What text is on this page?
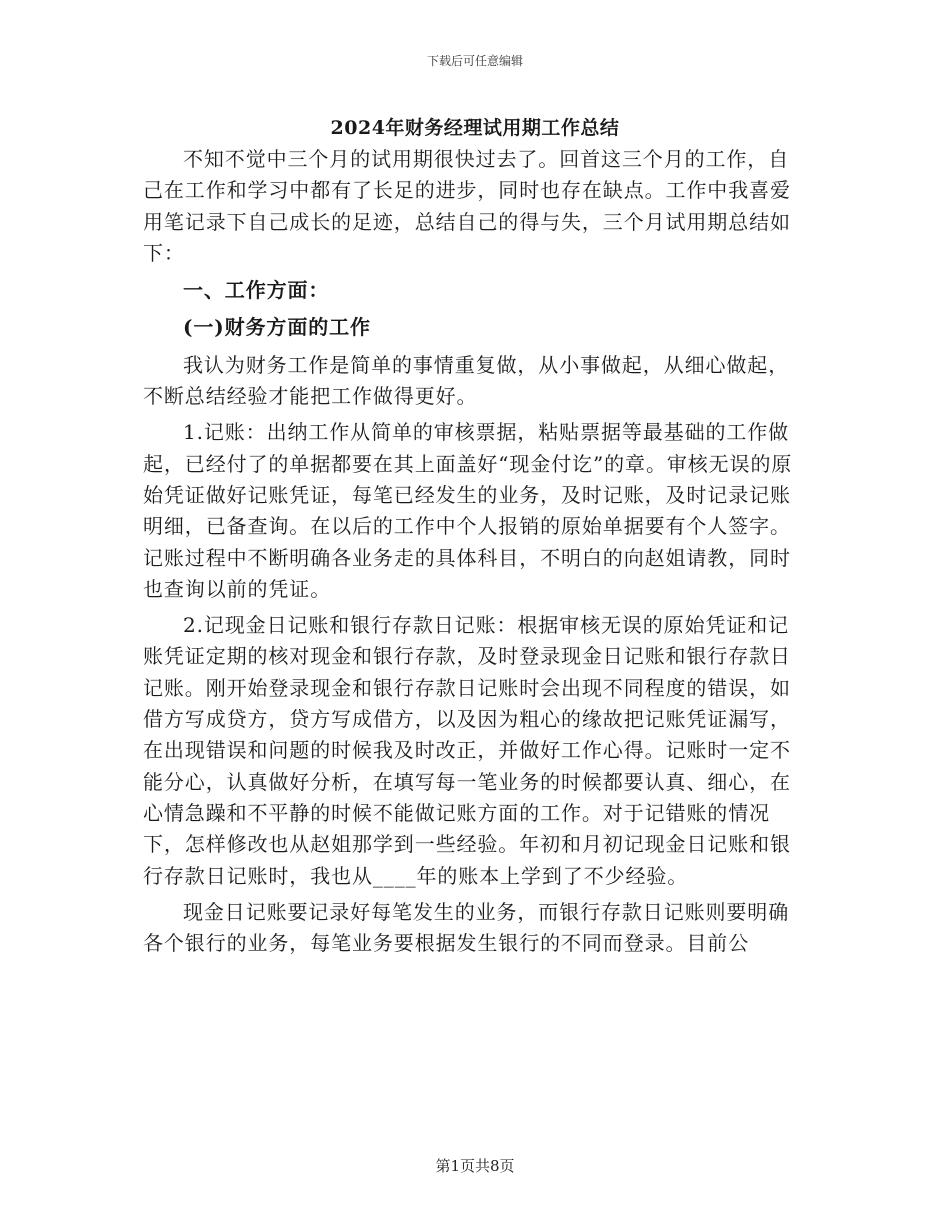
下载后可任意编辑
2024年财务经理试用期工作总结

不知不觉中三个月的试用期很快过去了。回首这三个月的工作，自己在工作和学习中都有了长足的进步，同时也存在缺点。工作中我喜爱用笔记录下自己成长的足迹，总结自己的得与失，三个月试用期总结如下：

一、工作方面：

(一)财务方面的工作

我认为财务工作是简单的事情重复做，从小事做起，从细心做起，不断总结经验才能把工作做得更好。

1.记账：出纳工作从简单的审核票据，粘贴票据等最基础的工作做起，已经付了的单据都要在其上面盖好“现金付讫”的章。审核无误的原始凭证做好记账凭证，每笔已经发生的业务，及时记账，及时记录记账明细，已备查询。在以后的工作中个人报销的原始单据要有个人签字。记账过程中不断明确各业务走的具体科目，不明白的向赵姐请教，同时也查询以前的凭证。

2.记现金日记账和银行存款日记账：根据审核无误的原始凭证和记账凭证定期的核对现金和银行存款，及时登录现金日记账和银行存款日记账。刚开始登录现金和银行存款日记账时会出现不同程度的错误，如借方写成贷方，贷方写成借方，以及因为粗心的缘故把记账凭证漏写，在出现错误和问题的时候我及时改正，并做好工作心得。记账时一定不能分心，认真做好分析，在填写每一笔业务的时候都要认真、细心，在心情急躁和不平静的时候不能做记账方面的工作。对于记错账的情况下，怎样修改也从赵姐那学到一些经验。年初和月初记现金日记账和银行存款日记账时，我也从____年的账本上学到了不少经验。

现金日记账要记录好每笔发生的业务，而银行存款日记账则要明确各个银行的业务，每笔业务要根据发生银行的不同而登录。目前公

第1页共8页
